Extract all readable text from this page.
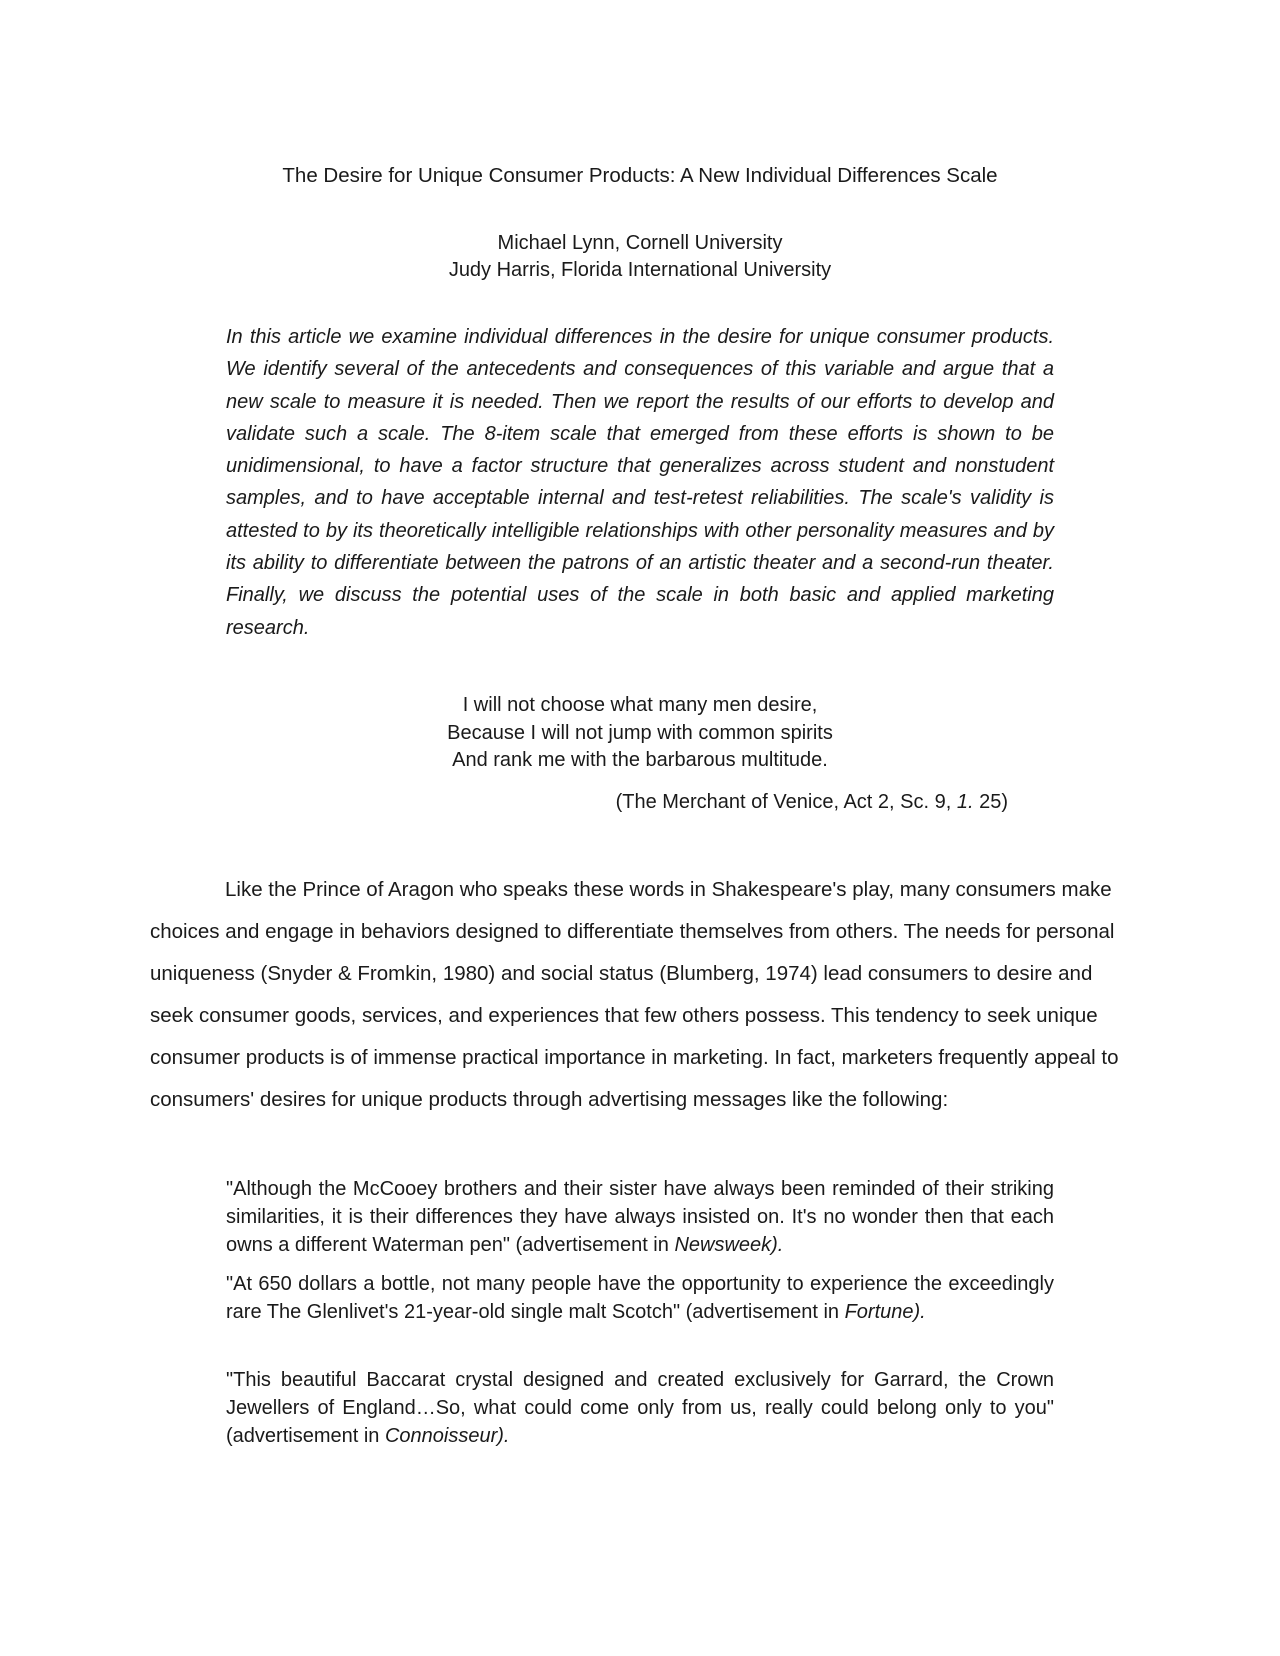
The Desire for Unique Consumer Products: A New Individual Differences Scale
Michael Lynn, Cornell University
Judy Harris, Florida International University

In this article we examine individual differences in the desire for unique consumer products. We identify several of the antecedents and consequences of this variable and argue that a new scale to measure it is needed. Then we report the results of our efforts to develop and validate such a scale. The 8-item scale that emerged from these efforts is shown to be unidimensional, to have a factor structure that generalizes across student and nonstudent samples, and to have acceptable internal and test-retest reliabilities. The scale's validity is attested to by its theoretically intelligible relationships with other personality measures and by its ability to differentiate between the patrons of an artistic theater and a second-run theater. Finally, we discuss the potential uses of the scale in both basic and applied marketing research.

I will not choose what many men desire,
Because I will not jump with common spirits
And rank me with the barbarous multitude.
(The Merchant of Venice, Act 2, Sc. 9, 1. 25)

Like the Prince of Aragon who speaks these words in Shakespeare's play, many consumers make choices and engage in behaviors designed to differentiate themselves from others. The needs for personal uniqueness (Snyder & Fromkin, 1980) and social status (Blumberg, 1974) lead consumers to desire and seek consumer goods, services, and experiences that few others possess. This tendency to seek unique consumer products is of immense practical importance in marketing. In fact, marketers frequently appeal to consumers' desires for unique products through advertising messages like the following:

"Although the McCooey brothers and their sister have always been reminded of their striking similarities, it is their differences they have always insisted on. It's no wonder then that each owns a different Waterman pen" (advertisement in Newsweek).

"At 650 dollars a bottle, not many people have the opportunity to experience the exceedingly rare The Glenlivet's 21-year-old single malt Scotch" (advertisement in Fortune).

"This beautiful Baccarat crystal designed and created exclusively for Garrard, the Crown Jewellers of England…So, what could come only from us, really could belong only to you" (advertisement in Connoisseur).
